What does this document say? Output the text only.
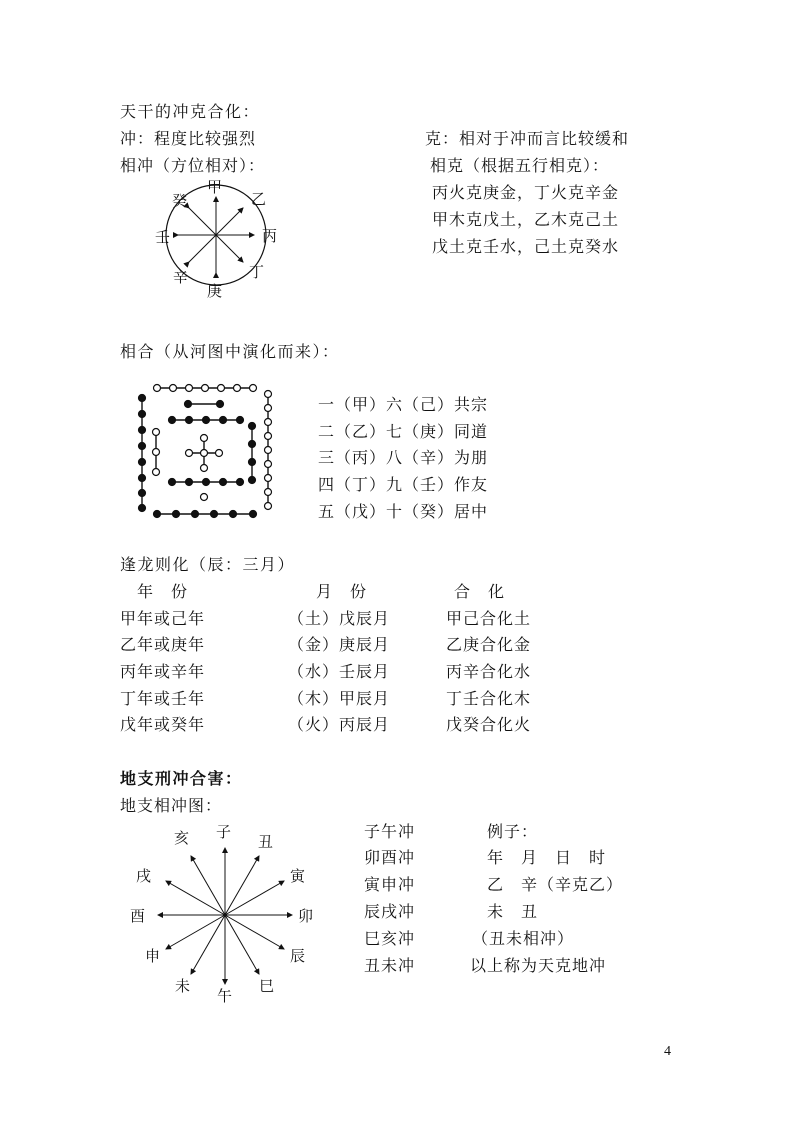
天干的冲克合化：
冲：程度比较强烈
相冲（方位相对）：
克：相对于冲而言比较缓和
相克（根据五行相克）：
丙火克庚金，丁火克辛金
甲木克戊土，乙木克己土
戊土克壬水，己土克癸水
甲
乙
丙
丁
庚
辛
壬
癸
相合（从河图中演化而来）：
一（甲）六（己）共宗
二（乙）七（庚）同道
三（丙）八（辛）为朋
四（丁）九（壬）作友
五（戊）十（癸）居中
逢龙则化（辰：三月）
年　份	月　份	合　化
甲年或己年	（土）戊辰月	甲己合化土
乙年或庚年	（金）庚辰月	乙庚合化金
丙年或辛年	（水）壬辰月	丙辛合化水
丁年或壬年	（木）甲辰月	丁壬合化木
戊年或癸年	（火）丙辰月	戊癸合化火
地支刑冲合害：
地支相冲图：
子
丑
寅
卯
辰
巳
午
未
申
酉
戌
亥	子午冲
卯酉冲
寅申冲
辰戌冲
巳亥冲
丑未冲
例子：
年　月　日　时
乙　辛（辛克乙）
未　丑
（丑未相冲）
以上称为天克地冲
4
